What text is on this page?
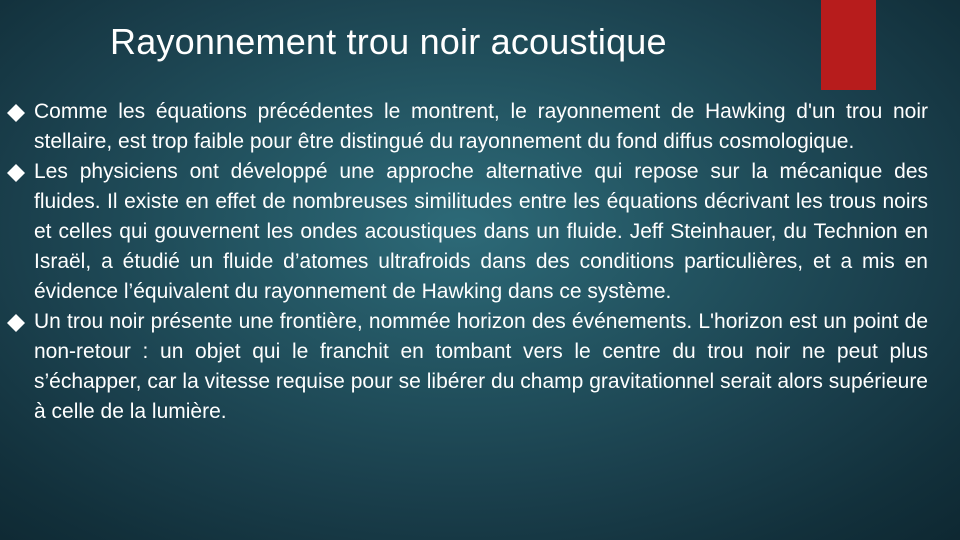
Rayonnement trou noir acoustique
Comme les équations précédentes le montrent, le rayonnement de Hawking d'un trou noir stellaire, est trop faible pour être distingué du rayonnement du fond diffus cosmologique.
Les physiciens ont développé une approche alternative qui repose sur la mécanique des fluides. Il existe en effet de nombreuses similitudes entre les équations décrivant les trous noirs et celles qui gouvernent les ondes acoustiques dans un fluide. Jeff Steinhauer, du Technion en Israël, a étudié un fluide d’atomes ultrafroids dans des conditions particulières, et a mis en évidence l’équivalent du rayonnement de Hawking dans ce système.
Un trou noir présente une frontière, nommée horizon des événements. L'horizon est un point de non-retour : un objet qui le franchit en tombant vers le centre du trou noir ne peut plus s’échapper, car la vitesse requise pour se libérer du champ gravitationnel serait alors supérieure à celle de la lumière.
